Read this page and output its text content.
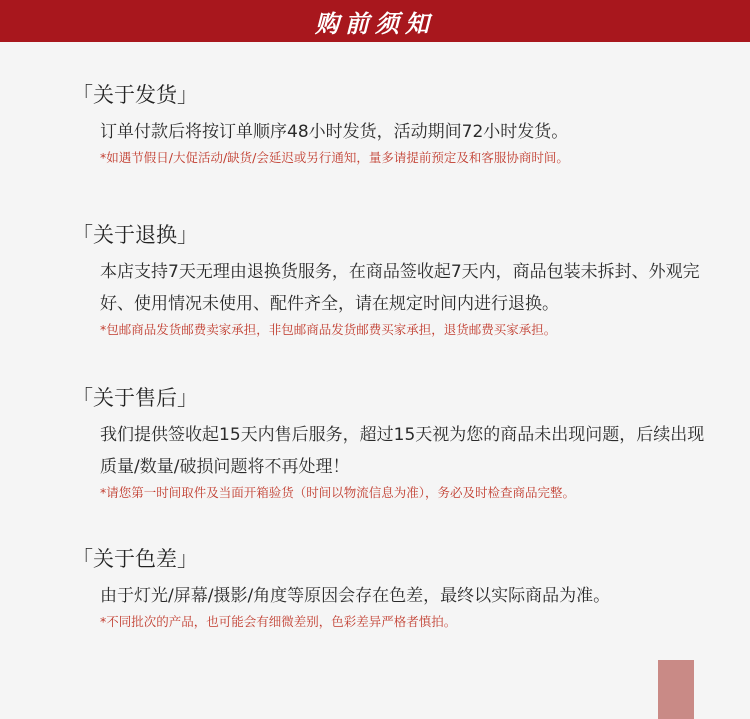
购前须知
「关于发货」
订单付款后将按订单顺序48小时发货，活动期间72小时发货。
*如遇节假日/大促活动/缺货/会延迟或另行通知，量多请提前预定及和客服协商时间。
「关于退换」
本店支持7天无理由退换货服务，在商品签收起7天内，商品包装未拆封、外观完好、使用情况未使用、配件齐全，请在规定时间内进行退换。
*包邮商品发货邮费卖家承担，非包邮商品发货邮费买家承担，退货邮费买家承担。
「关于售后」
我们提供签收起15天内售后服务，超过15天视为您的商品未出现问题，后续出现质量/数量/破损问题将不再处理！
*请您第一时间取件及当面开箱验货（时间以物流信息为准），务必及时检查商品完整。
「关于色差」
由于灯光/屏幕/摄影/角度等原因会存在色差，最终以实际商品为准。
*不同批次的产品，也可能会有细微差别，色彩差异严格者慎拍。
